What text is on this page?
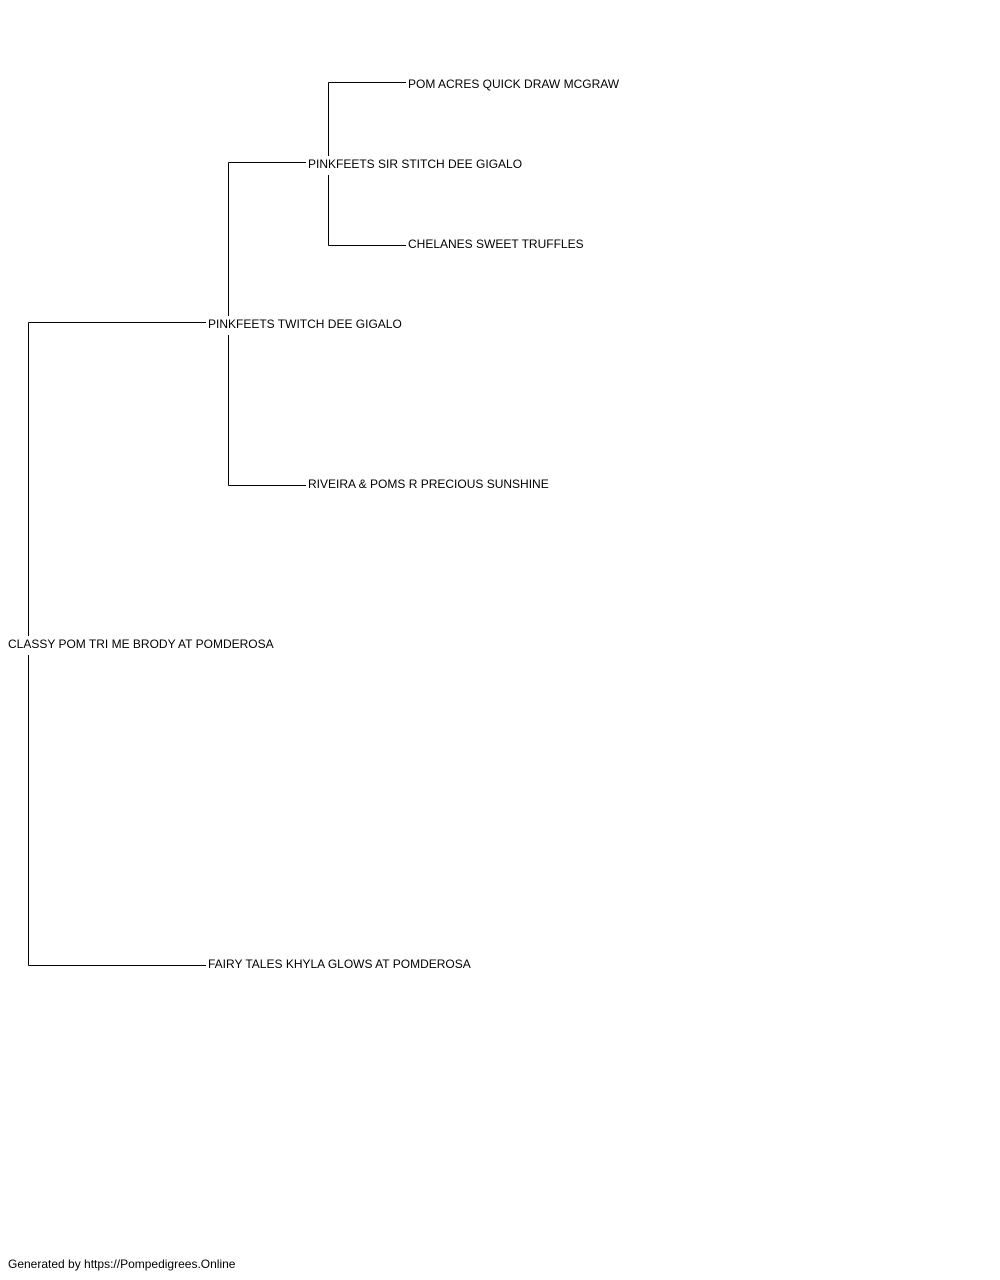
POM ACRES QUICK DRAW MCGRAW
PINKFEETS SIR STITCH DEE GIGALO
CHELANES SWEET TRUFFLES
PINKFEETS TWITCH DEE GIGALO
RIVEIRA & POMS R PRECIOUS SUNSHINE
CLASSY POM TRI ME BRODY AT POMDEROSA
FAIRY TALES KHYLA GLOWS AT POMDEROSA
Generated by https://Pompedigrees.Online
